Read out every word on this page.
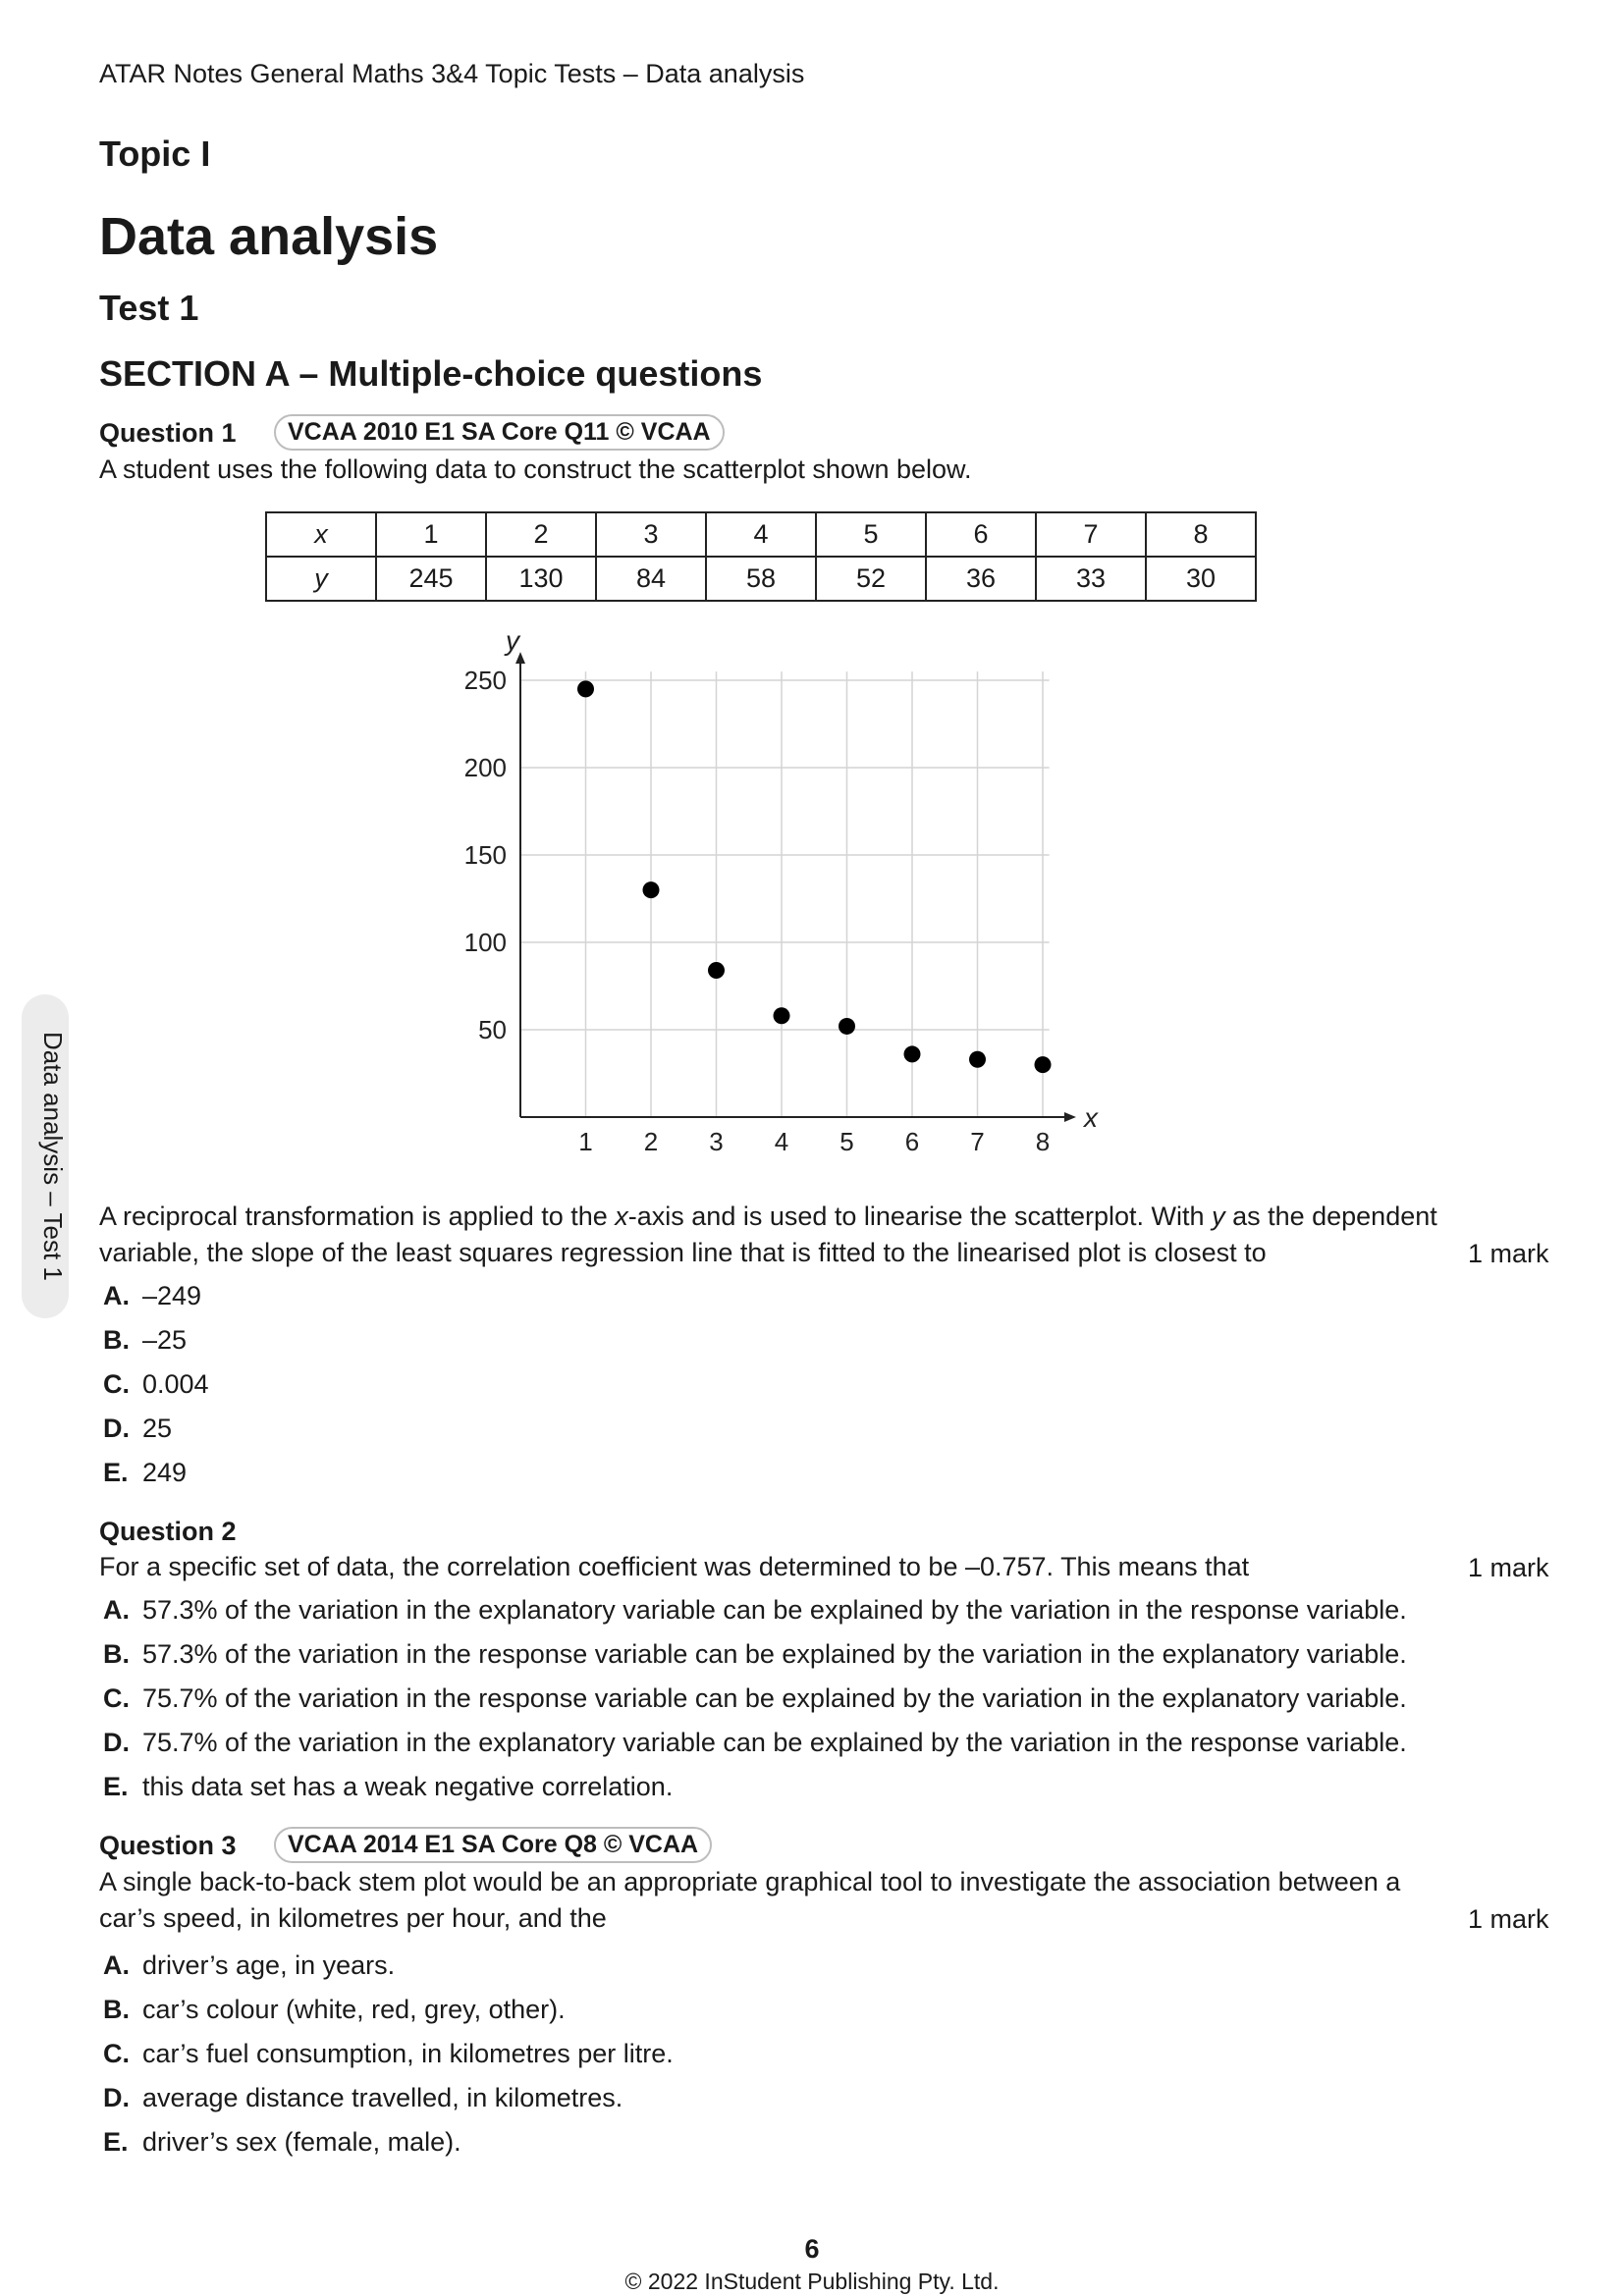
ATAR Notes General Maths 3&4 Topic Tests – Data analysis
Topic I
Data analysis
Test 1
SECTION A – Multiple-choice questions
Question 1 VCAA 2010 E1 SA Core Q11 © VCAA
A student uses the following data to construct the scatterplot shown below.
x	1	2	3	4	5	6	7	8
y	245	130	84	58	52	36	33	30
x
y
1 2 3 4 5 6 7 8
50
100
150
200
250
A reciprocal transformation is applied to the x-axis and is used to linearise the scatterplot. With y as the dependent
variable, the slope of the least squares regression line that is fitted to the linearised plot is closest to	1 mark
A. –249
B. –25
C. 0.004
D. 25
E. 249
Question 2
For a specific set of data, the correlation coefficient was determined to be –0.757. This means that	1 mark
A. 57.3% of the variation in the explanatory variable can be explained by the variation in the response variable.
B. 57.3% of the variation in the response variable can be explained by the variation in the explanatory variable.
C. 75.7% of the variation in the response variable can be explained by the variation in the explanatory variable.
D. 75.7% of the variation in the explanatory variable can be explained by the variation in the response variable.
E. this data set has a weak negative correlation.
Question 3 VCAA 2014 E1 SA Core Q8 © VCAA
A single back-to-back stem plot would be an appropriate graphical tool to investigate the association between a
car’s speed, in kilometres per hour, and the	1 mark
A. driver’s age, in years.
B. car’s colour (white, red, grey, other).
C. car’s fuel consumption, in kilometres per litre.
D. average distance travelled, in kilometres.
E. driver’s sex (female, male).
Data analysis – Test 1
6
© 2022 InStudent Publishing Pty. Ltd.
